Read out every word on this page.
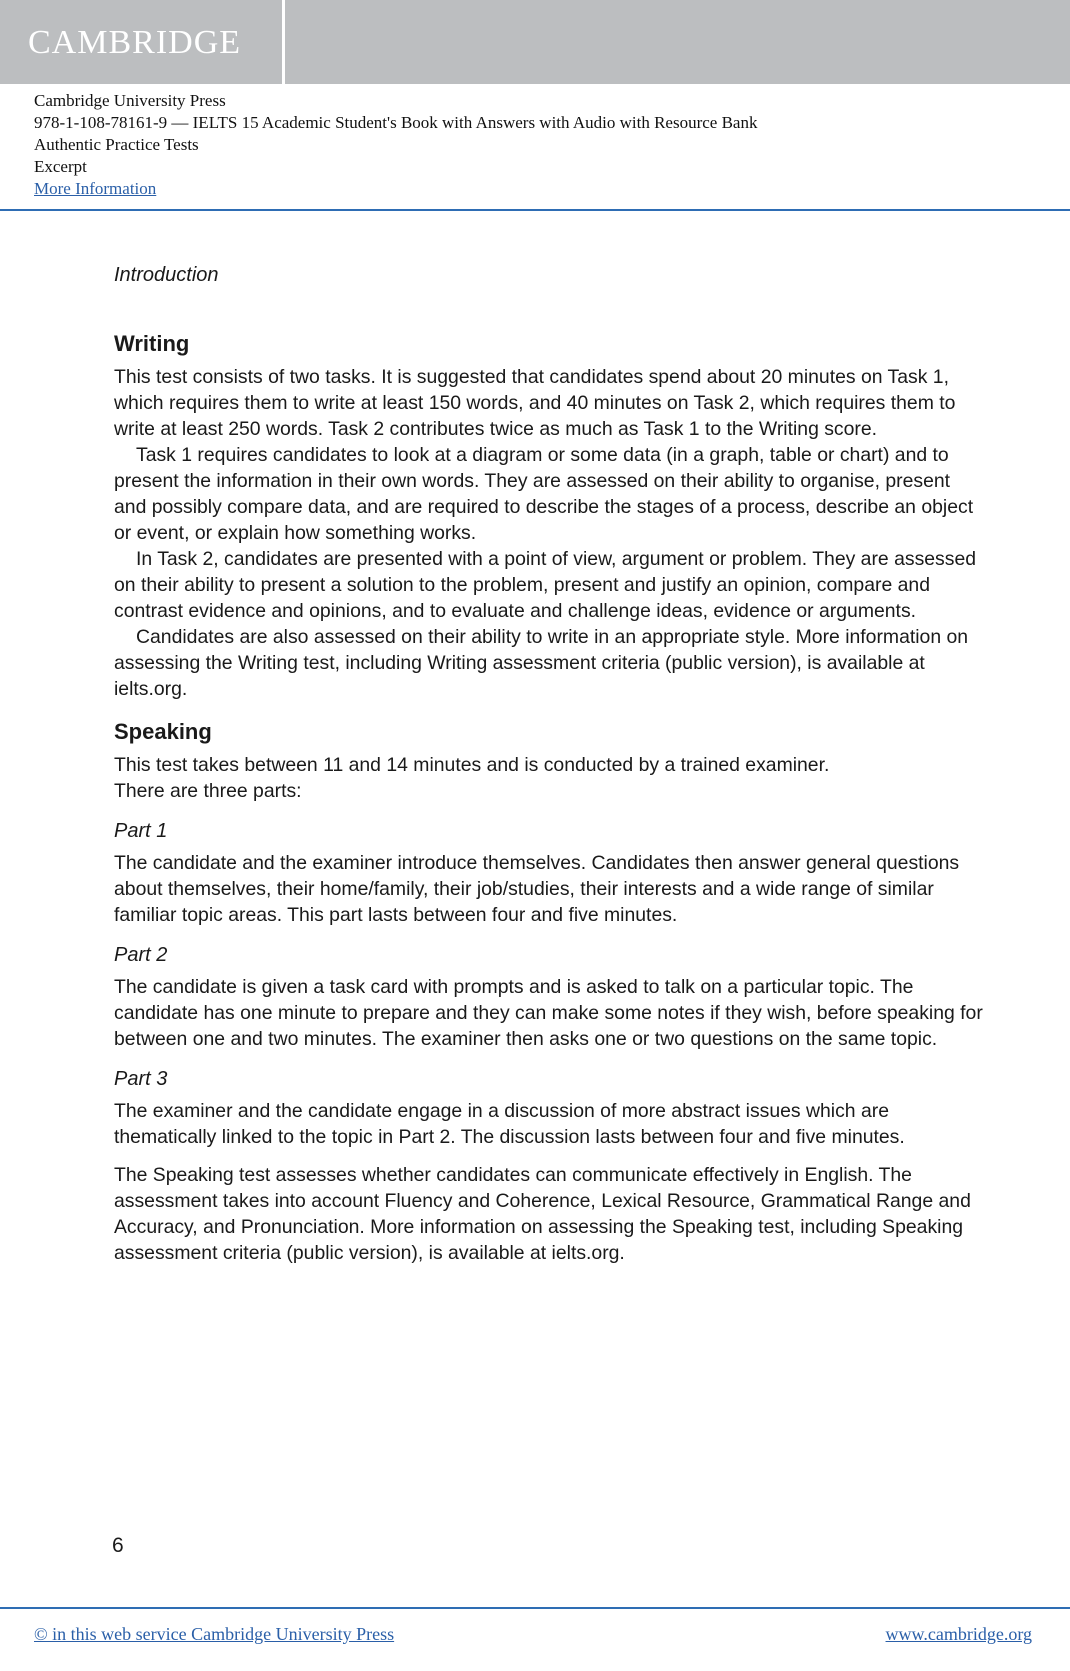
CAMBRIDGE
Cambridge University Press
978-1-108-78161-9 — IELTS 15 Academic Student's Book with Answers with Audio with Resource Bank
Authentic Practice Tests
Excerpt
More Information

Introduction

Writing

This test consists of two tasks. It is suggested that candidates spend about 20 minutes on Task 1, which requires them to write at least 150 words, and 40 minutes on Task 2, which requires them to write at least 250 words. Task 2 contributes twice as much as Task 1 to the Writing score.

Task 1 requires candidates to look at a diagram or some data (in a graph, table or chart) and to present the information in their own words. They are assessed on their ability to organise, present and possibly compare data, and are required to describe the stages of a process, describe an object or event, or explain how something works.

In Task 2, candidates are presented with a point of view, argument or problem. They are assessed on their ability to present a solution to the problem, present and justify an opinion, compare and contrast evidence and opinions, and to evaluate and challenge ideas, evidence or arguments.

Candidates are also assessed on their ability to write in an appropriate style. More information on assessing the Writing test, including Writing assessment criteria (public version), is available at ielts.org.

Speaking

This test takes between 11 and 14 minutes and is conducted by a trained examiner.

There are three parts:

Part 1

The candidate and the examiner introduce themselves. Candidates then answer general questions about themselves, their home/family, their job/studies, their interests and a wide range of similar familiar topic areas. This part lasts between four and five minutes.

Part 2

The candidate is given a task card with prompts and is asked to talk on a particular topic. The candidate has one minute to prepare and they can make some notes if they wish, before speaking for between one and two minutes. The examiner then asks one or two questions on the same topic.

Part 3

The examiner and the candidate engage in a discussion of more abstract issues which are thematically linked to the topic in Part 2. The discussion lasts between four and five minutes.

The Speaking test assesses whether candidates can communicate effectively in English. The assessment takes into account Fluency and Coherence, Lexical Resource, Grammatical Range and Accuracy, and Pronunciation. More information on assessing the Speaking test, including Speaking assessment criteria (public version), is available at ielts.org.

6
© in this web service Cambridge University Press	www.cambridge.org
